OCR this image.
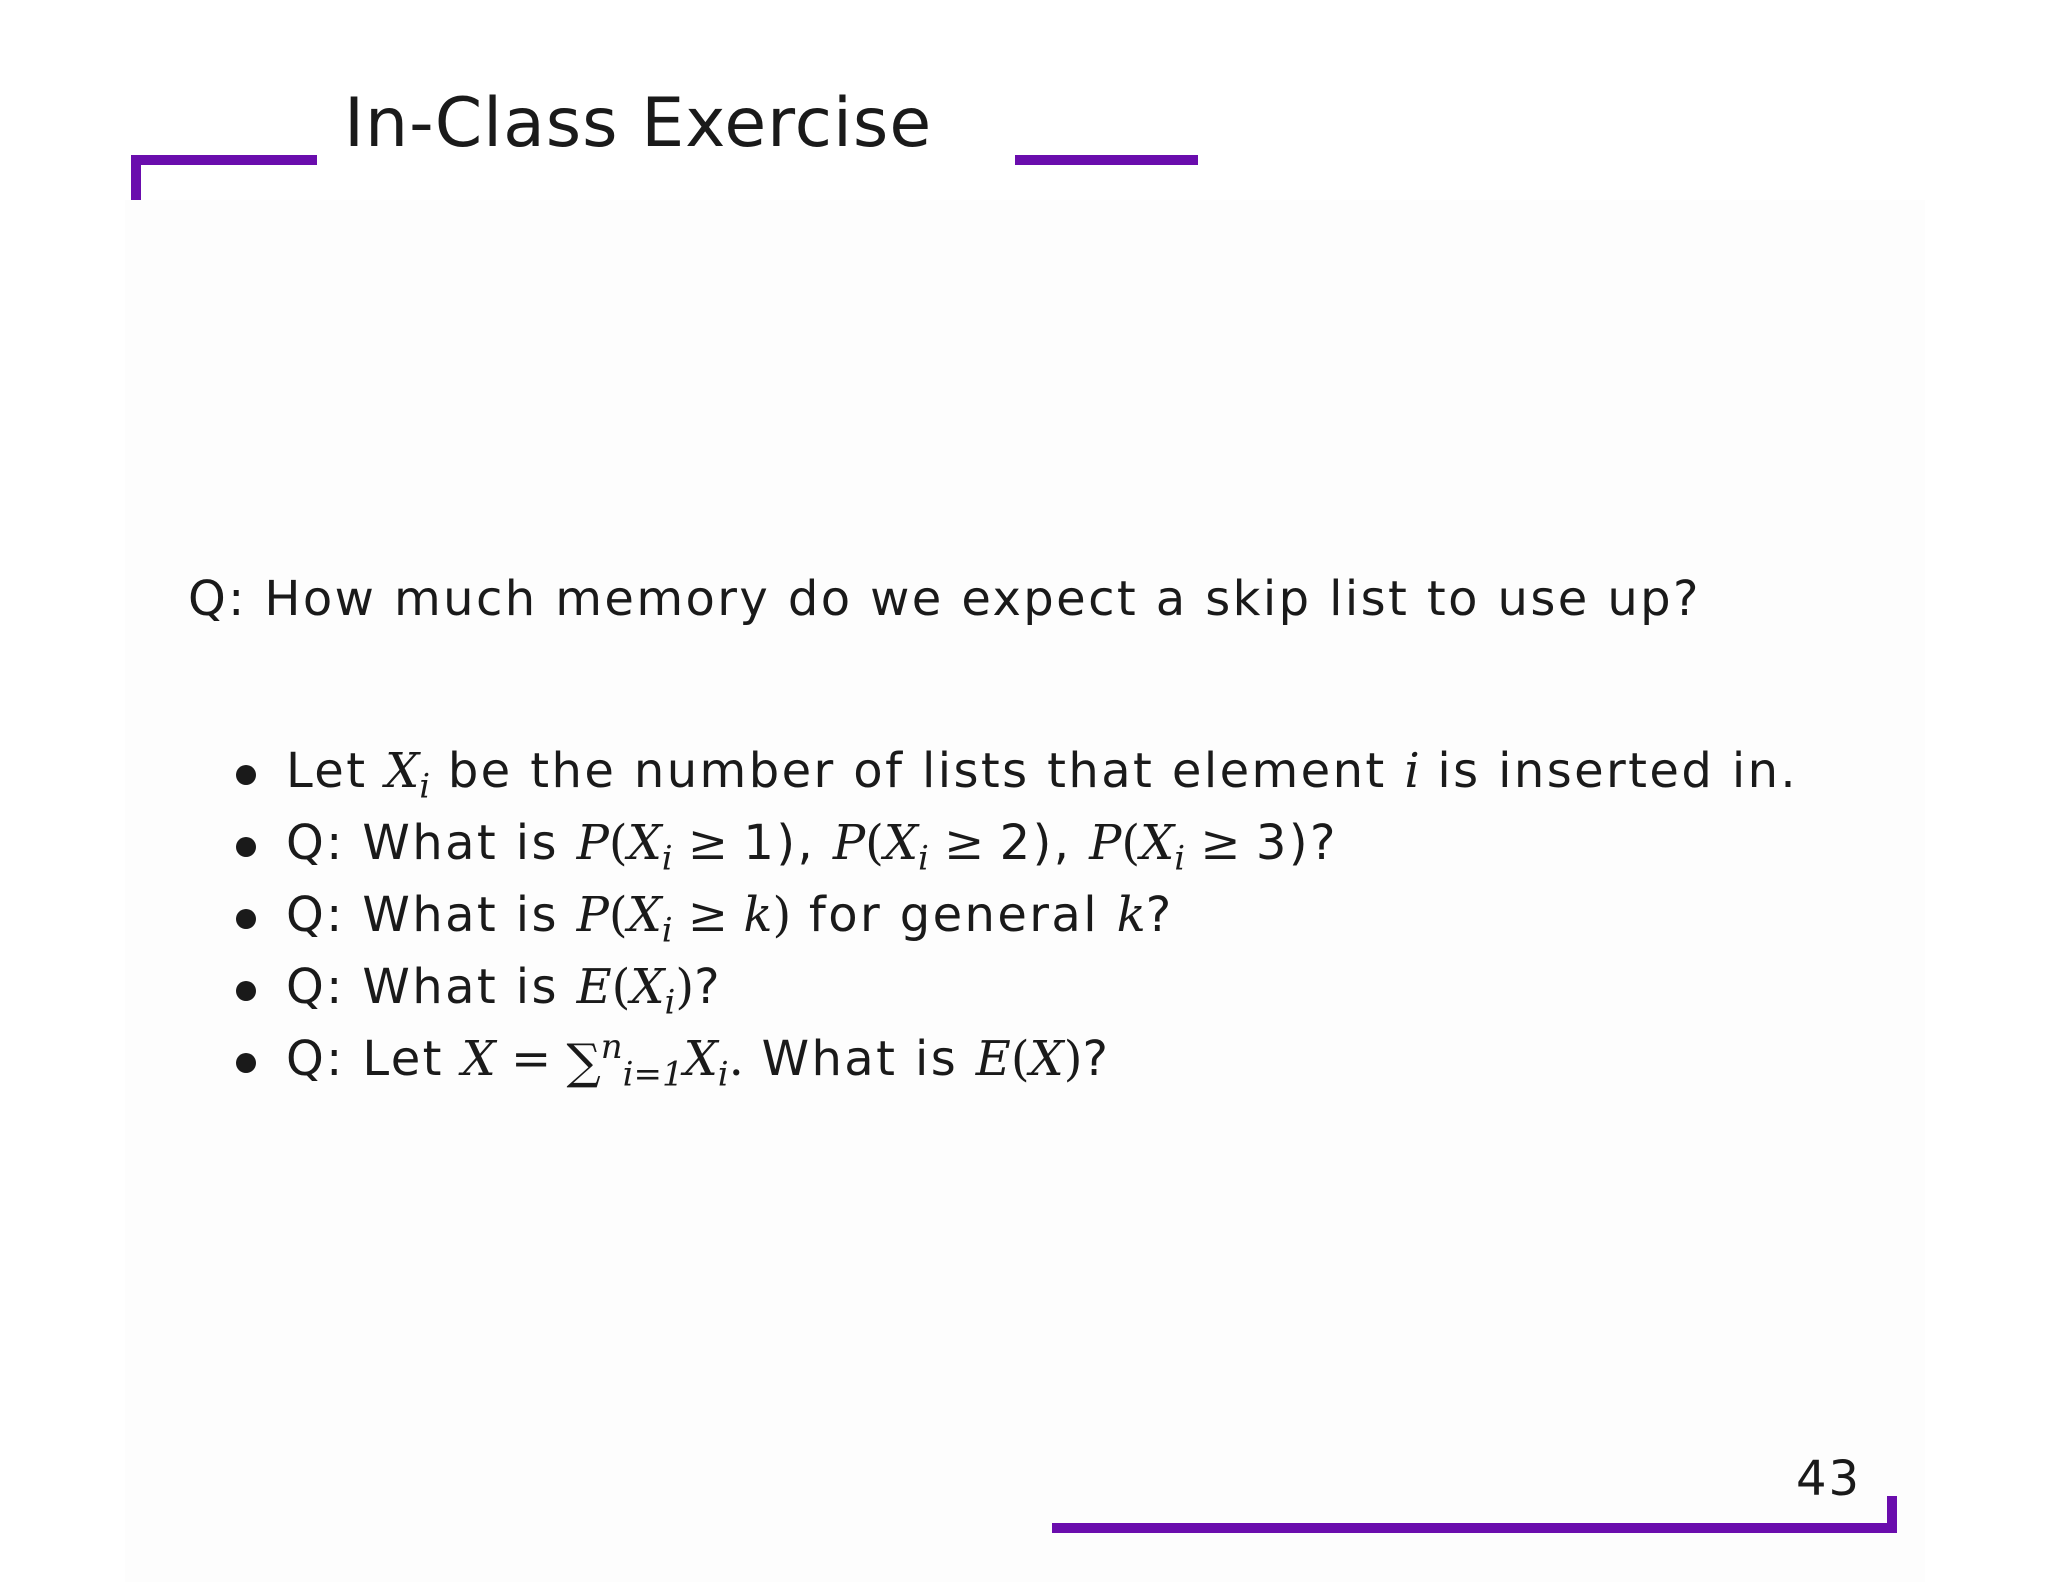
In-Class Exercise
Q: How much memory do we expect a skip list to use up?
Let $X_i$ be the number of lists that element i is inserted in.
Q: What is $P(X_i \ge 1)$, $P(X_i \ge 2)$, $P(X_i \ge 3)$?
Q: What is $P(X_i \ge k)$ for general k?
Q: What is $E(X_i)$?
Q: Let $X = \sum^n_{i=1}X_i$. What is E(X)?
43
